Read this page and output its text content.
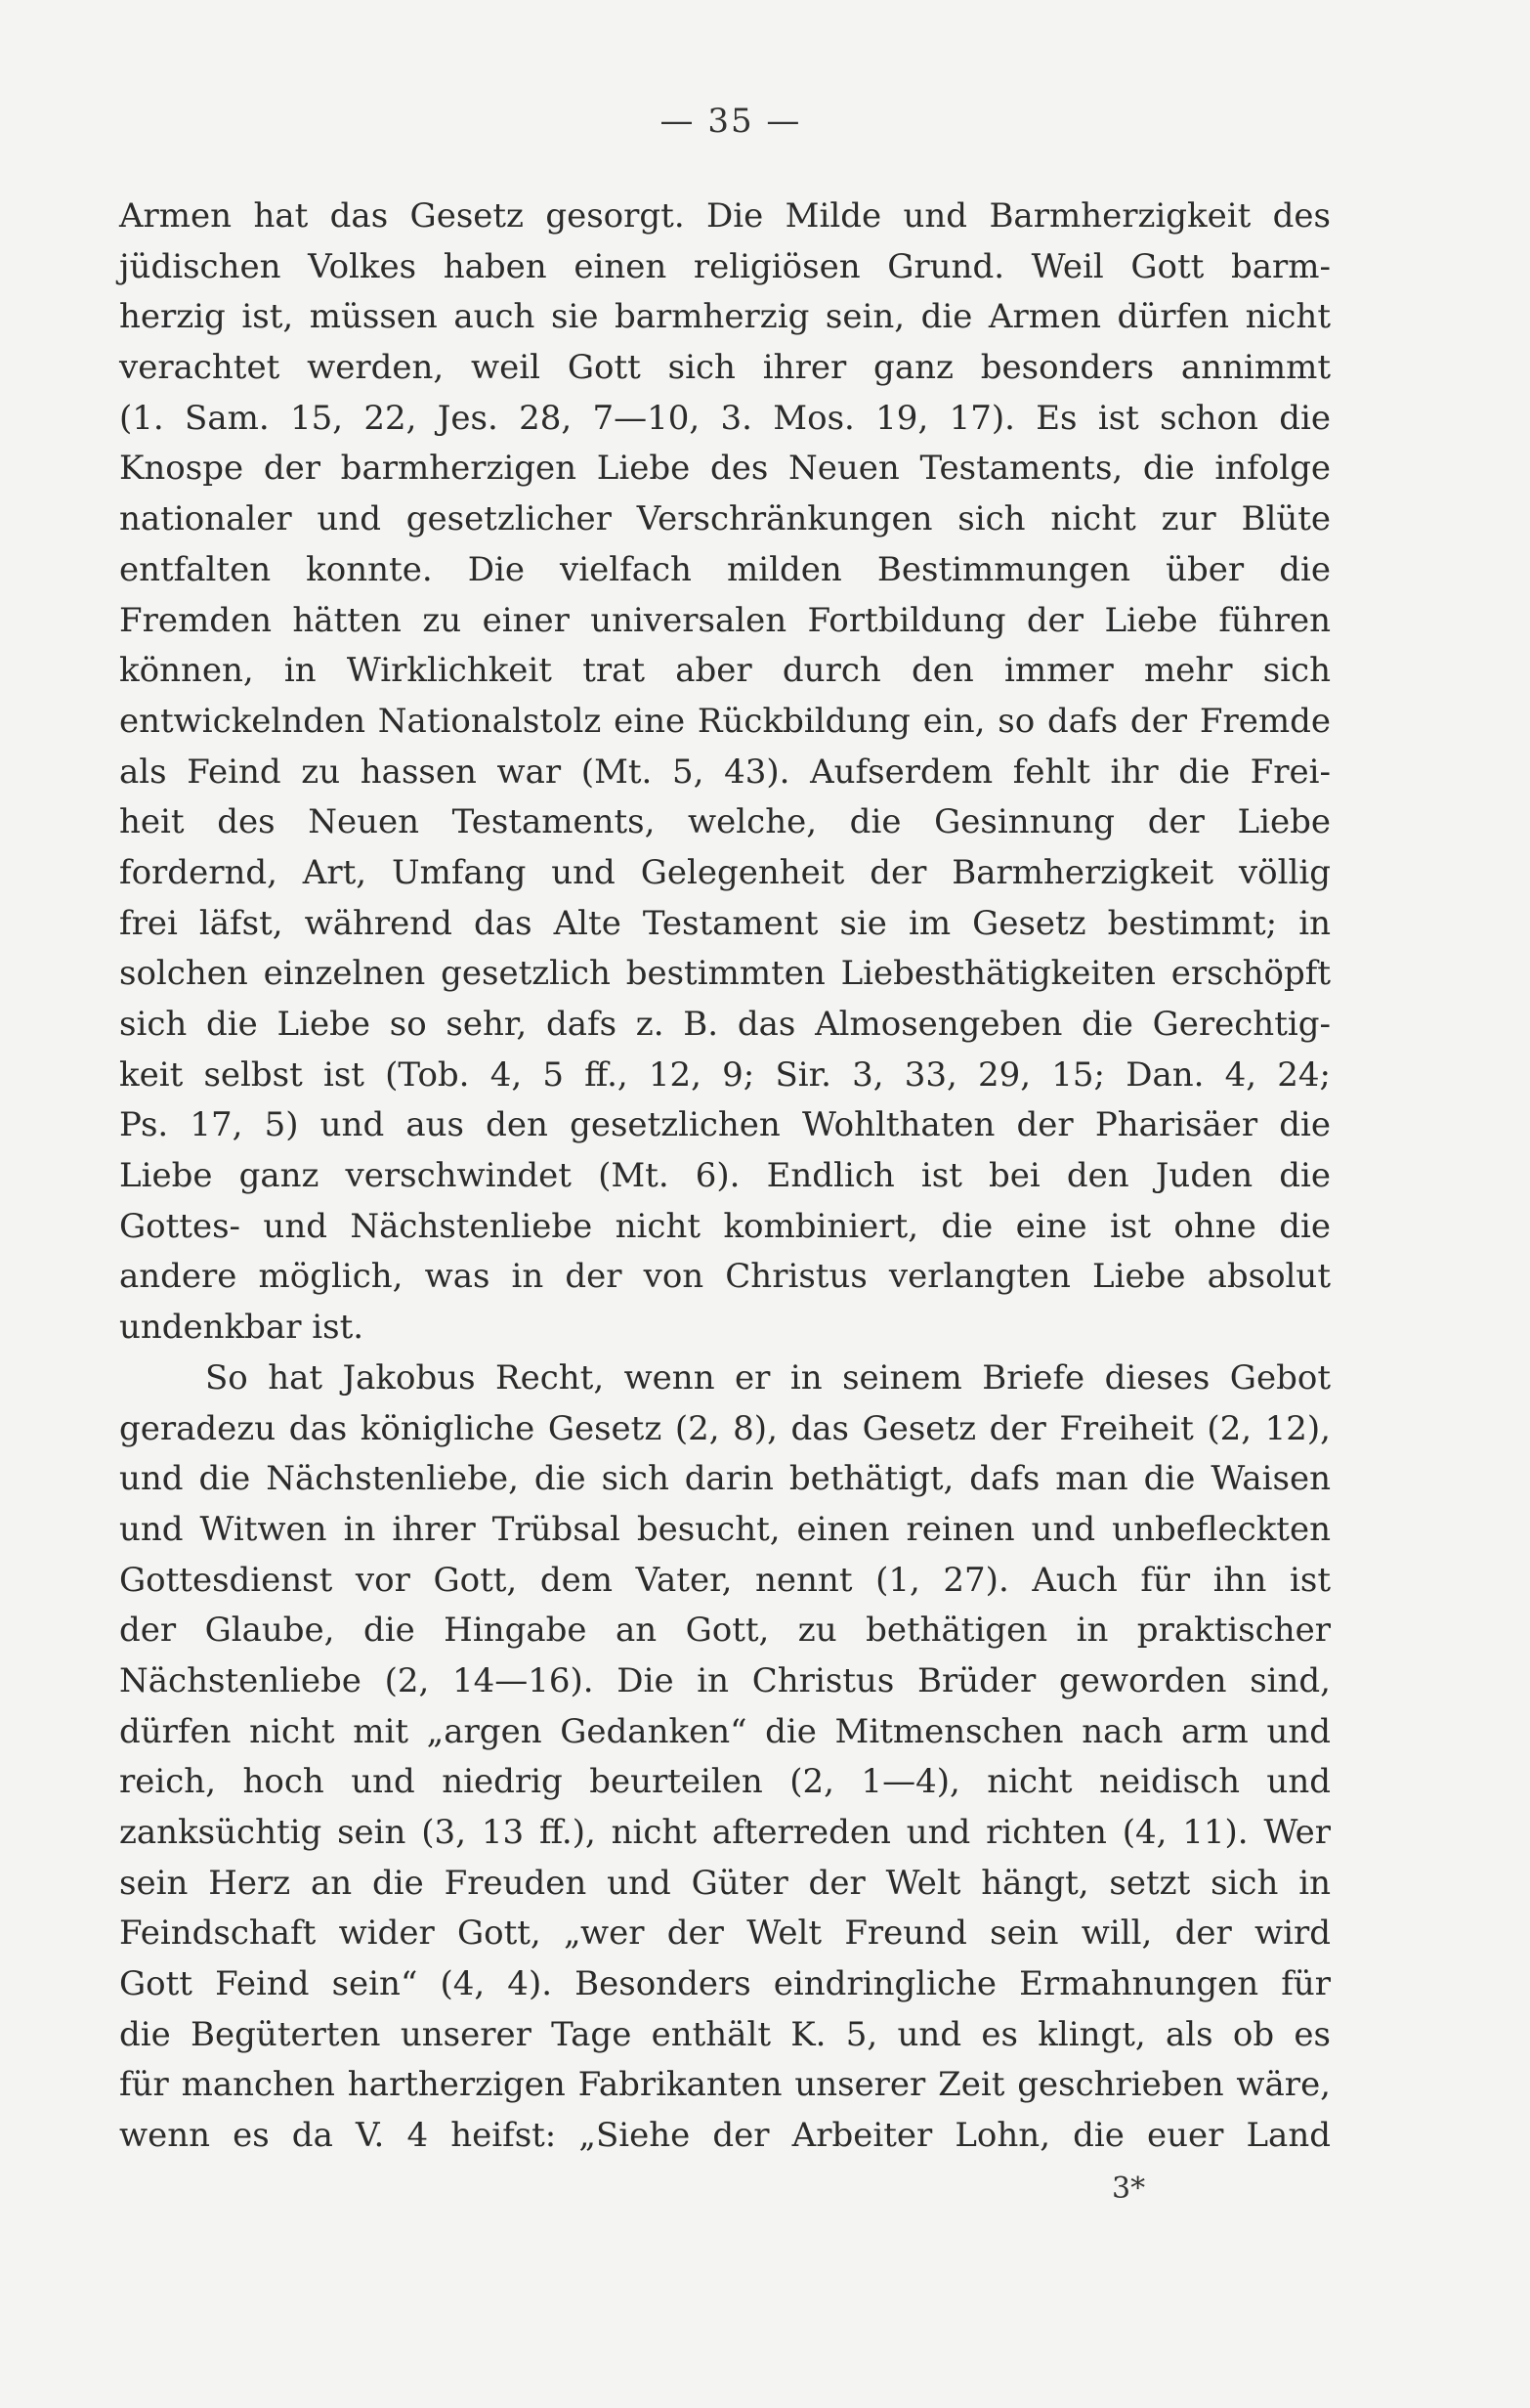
— 35 —
Armen hat das Gesetz gesorgt. Die Milde und Barmherzigkeit des
jüdischen Volkes haben einen religiösen Grund. Weil Gott barm-
herzig ist, müssen auch sie barmherzig sein, die Armen dürfen nicht
verachtet werden, weil Gott sich ihrer ganz besonders annimmt
(1. Sam. 15, 22, Jes. 28, 7—10, 3. Mos. 19, 17). Es ist schon die
Knospe der barmherzigen Liebe des Neuen Testaments, die infolge
nationaler und gesetzlicher Verschränkungen sich nicht zur Blüte
entfalten konnte. Die vielfach milden Bestimmungen über die
Fremden hätten zu einer universalen Fortbildung der Liebe führen
können, in Wirklichkeit trat aber durch den immer mehr sich
entwickelnden Nationalstolz eine Rückbildung ein, so dafs der Fremde
als Feind zu hassen war (Mt. 5, 43). Aufserdem fehlt ihr die Frei-
heit des Neuen Testaments, welche, die Gesinnung der Liebe
fordernd, Art, Umfang und Gelegenheit der Barmherzigkeit völlig
frei läfst, während das Alte Testament sie im Gesetz bestimmt; in
solchen einzelnen gesetzlich bestimmten Liebesthätigkeiten erschöpft
sich die Liebe so sehr, dafs z. B. das Almosengeben die Gerechtig-
keit selbst ist (Tob. 4, 5 ff., 12, 9; Sir. 3, 33, 29, 15; Dan. 4, 24;
Ps. 17, 5) und aus den gesetzlichen Wohlthaten der Pharisäer die
Liebe ganz verschwindet (Mt. 6). Endlich ist bei den Juden die
Gottes- und Nächstenliebe nicht kombiniert, die eine ist ohne die
andere möglich, was in der von Christus verlangten Liebe absolut
undenkbar ist.
So hat Jakobus Recht, wenn er in seinem Briefe dieses Gebot
geradezu das königliche Gesetz (2, 8), das Gesetz der Freiheit (2, 12),
und die Nächstenliebe, die sich darin bethätigt, dafs man die Waisen
und Witwen in ihrer Trübsal besucht, einen reinen und unbefleckten
Gottesdienst vor Gott, dem Vater, nennt (1, 27). Auch für ihn ist
der Glaube, die Hingabe an Gott, zu bethätigen in praktischer
Nächstenliebe (2, 14—16). Die in Christus Brüder geworden sind,
dürfen nicht mit „argen Gedanken“ die Mitmenschen nach arm und
reich, hoch und niedrig beurteilen (2, 1—4), nicht neidisch und
zanksüchtig sein (3, 13 ff.), nicht afterreden und richten (4, 11). Wer
sein Herz an die Freuden und Güter der Welt hängt, setzt sich in
Feindschaft wider Gott, „wer der Welt Freund sein will, der wird
Gott Feind sein“ (4, 4). Besonders eindringliche Ermahnungen für
die Begüterten unserer Tage enthält K. 5, und es klingt, als ob es
für manchen hartherzigen Fabrikanten unserer Zeit geschrieben wäre,
wenn es da V. 4 heifst: „Siehe der Arbeiter Lohn, die euer Land
3*
